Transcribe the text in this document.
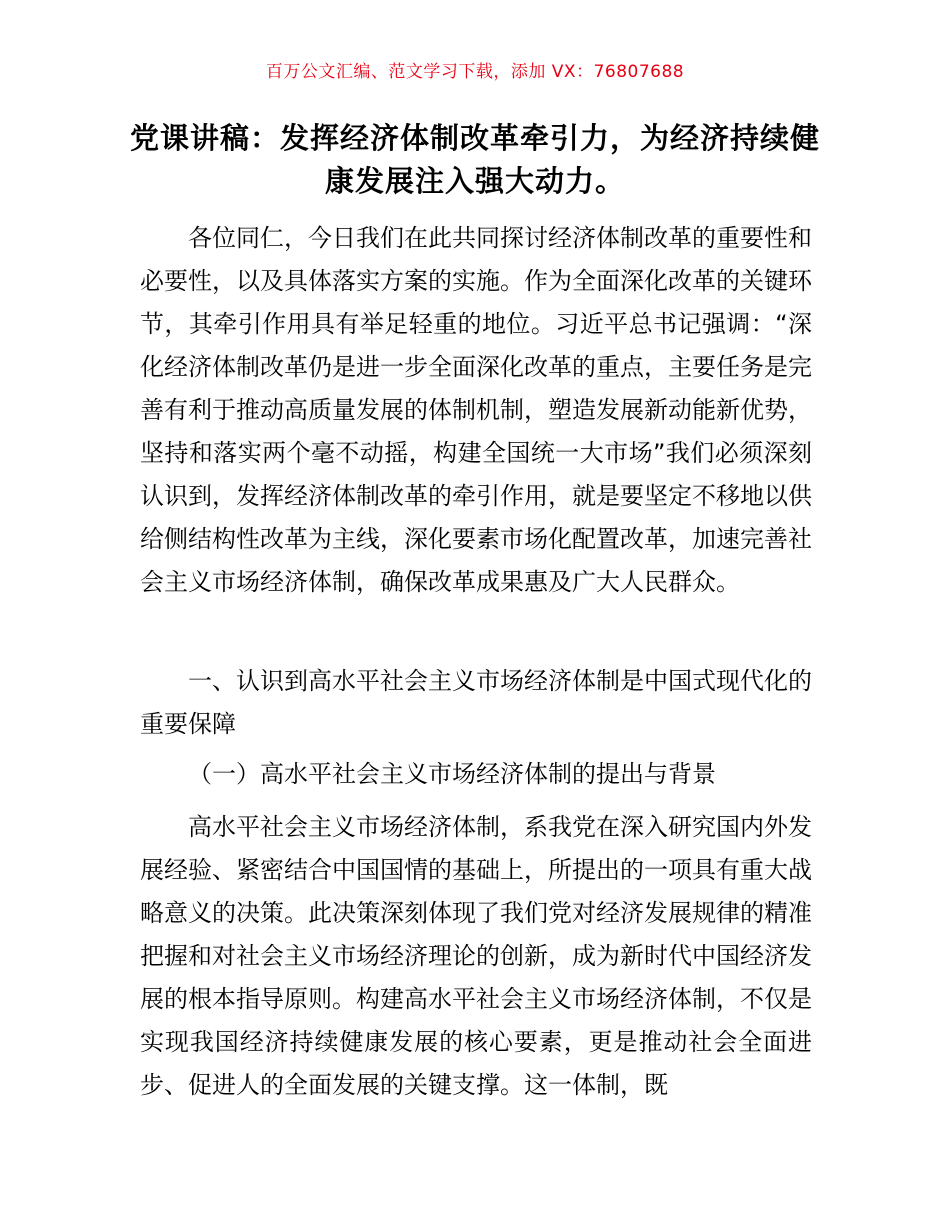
百万公文汇编、范文学习下载，添加 VX：76807688
党课讲稿：发挥经济体制改革牵引力，为经济持续健康发展注入强大动力。

各位同仁，今日我们在此共同探讨经济体制改革的重要性和必要性，以及具体落实方案的实施。作为全面深化改革的关键环节，其牵引作用具有举足轻重的地位。习近平总书记强调：“深化经济体制改革仍是进一步全面深化改革的重点，主要任务是完善有利于推动高质量发展的体制机制，塑造发展新动能新优势，坚持和落实两个毫不动摇，构建全国统一大市场”我们必须深刻认识到，发挥经济体制改革的牵引作用，就是要坚定不移地以供给侧结构性改革为主线，深化要素市场化配置改革，加速完善社会主义市场经济体制，确保改革成果惠及广大人民群众。

一、认识到高水平社会主义市场经济体制是中国式现代化的重要保障

（一）高水平社会主义市场经济体制的提出与背景

高水平社会主义市场经济体制，系我党在深入研究国内外发展经验、紧密结合中国国情的基础上，所提出的一项具有重大战略意义的决策。此决策深刻体现了我们党对经济发展规律的精准把握和对社会主义市场经济理论的创新，成为新时代中国经济发展的根本指导原则。构建高水平社会主义市场经济体制，不仅是实现我国经济持续健康发展的核心要素，更是推动社会全面进步、促进人的全面发展的关键支撑。这一体制，既
